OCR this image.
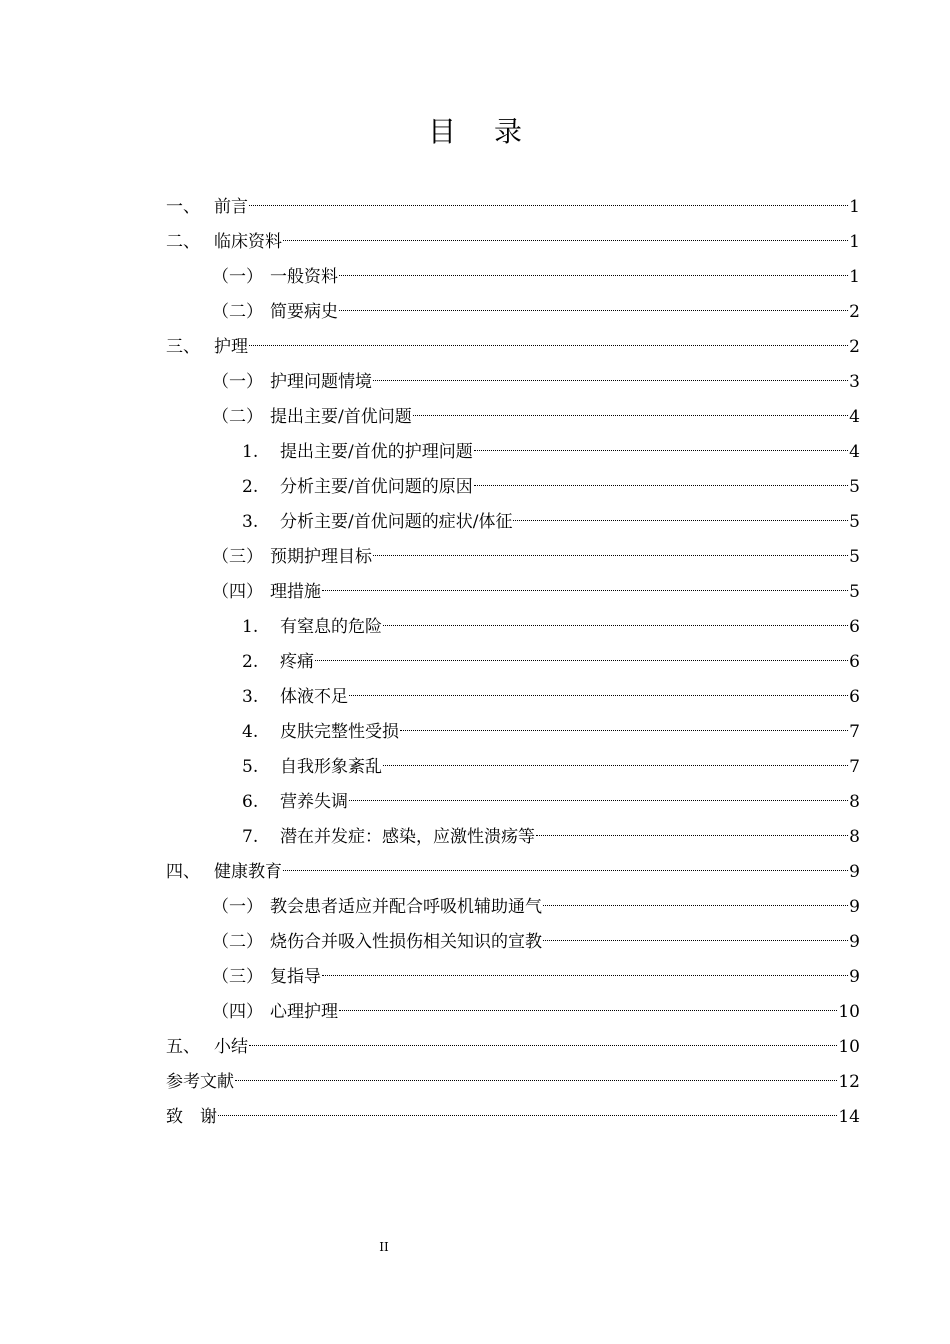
目录
一、 前言	1
二、 临床资料	1
（一） 一般资料	1
（二） 简要病史	2
三、 护理	2
（一） 护理问题情境	3
（二） 提出主要/首优问题	4
1.	提出主要/首优的护理问题	4
2.	分析主要/首优问题的原因	5
3.	分析主要/首优问题的症状/体征	5
（三） 预期护理目标	5
（四） 理措施	5
1.	有窒息的危险	6
2.	疼痛	6
3.	体液不足	6
4.	皮肤完整性受损	7
5.	自我形象紊乱	7
6.	营养失调	8
7.	潜在并发症：感染，应激性溃疡等	8
四、 健康教育	9
（一） 教会患者适应并配合呼吸机辅助通气	9
（二） 烧伤合并吸入性损伤相关知识的宣教	9
（三） 复指导	9
（四） 心理护理	10
五、 小结	10
参考文献	12
致　谢	14
II
